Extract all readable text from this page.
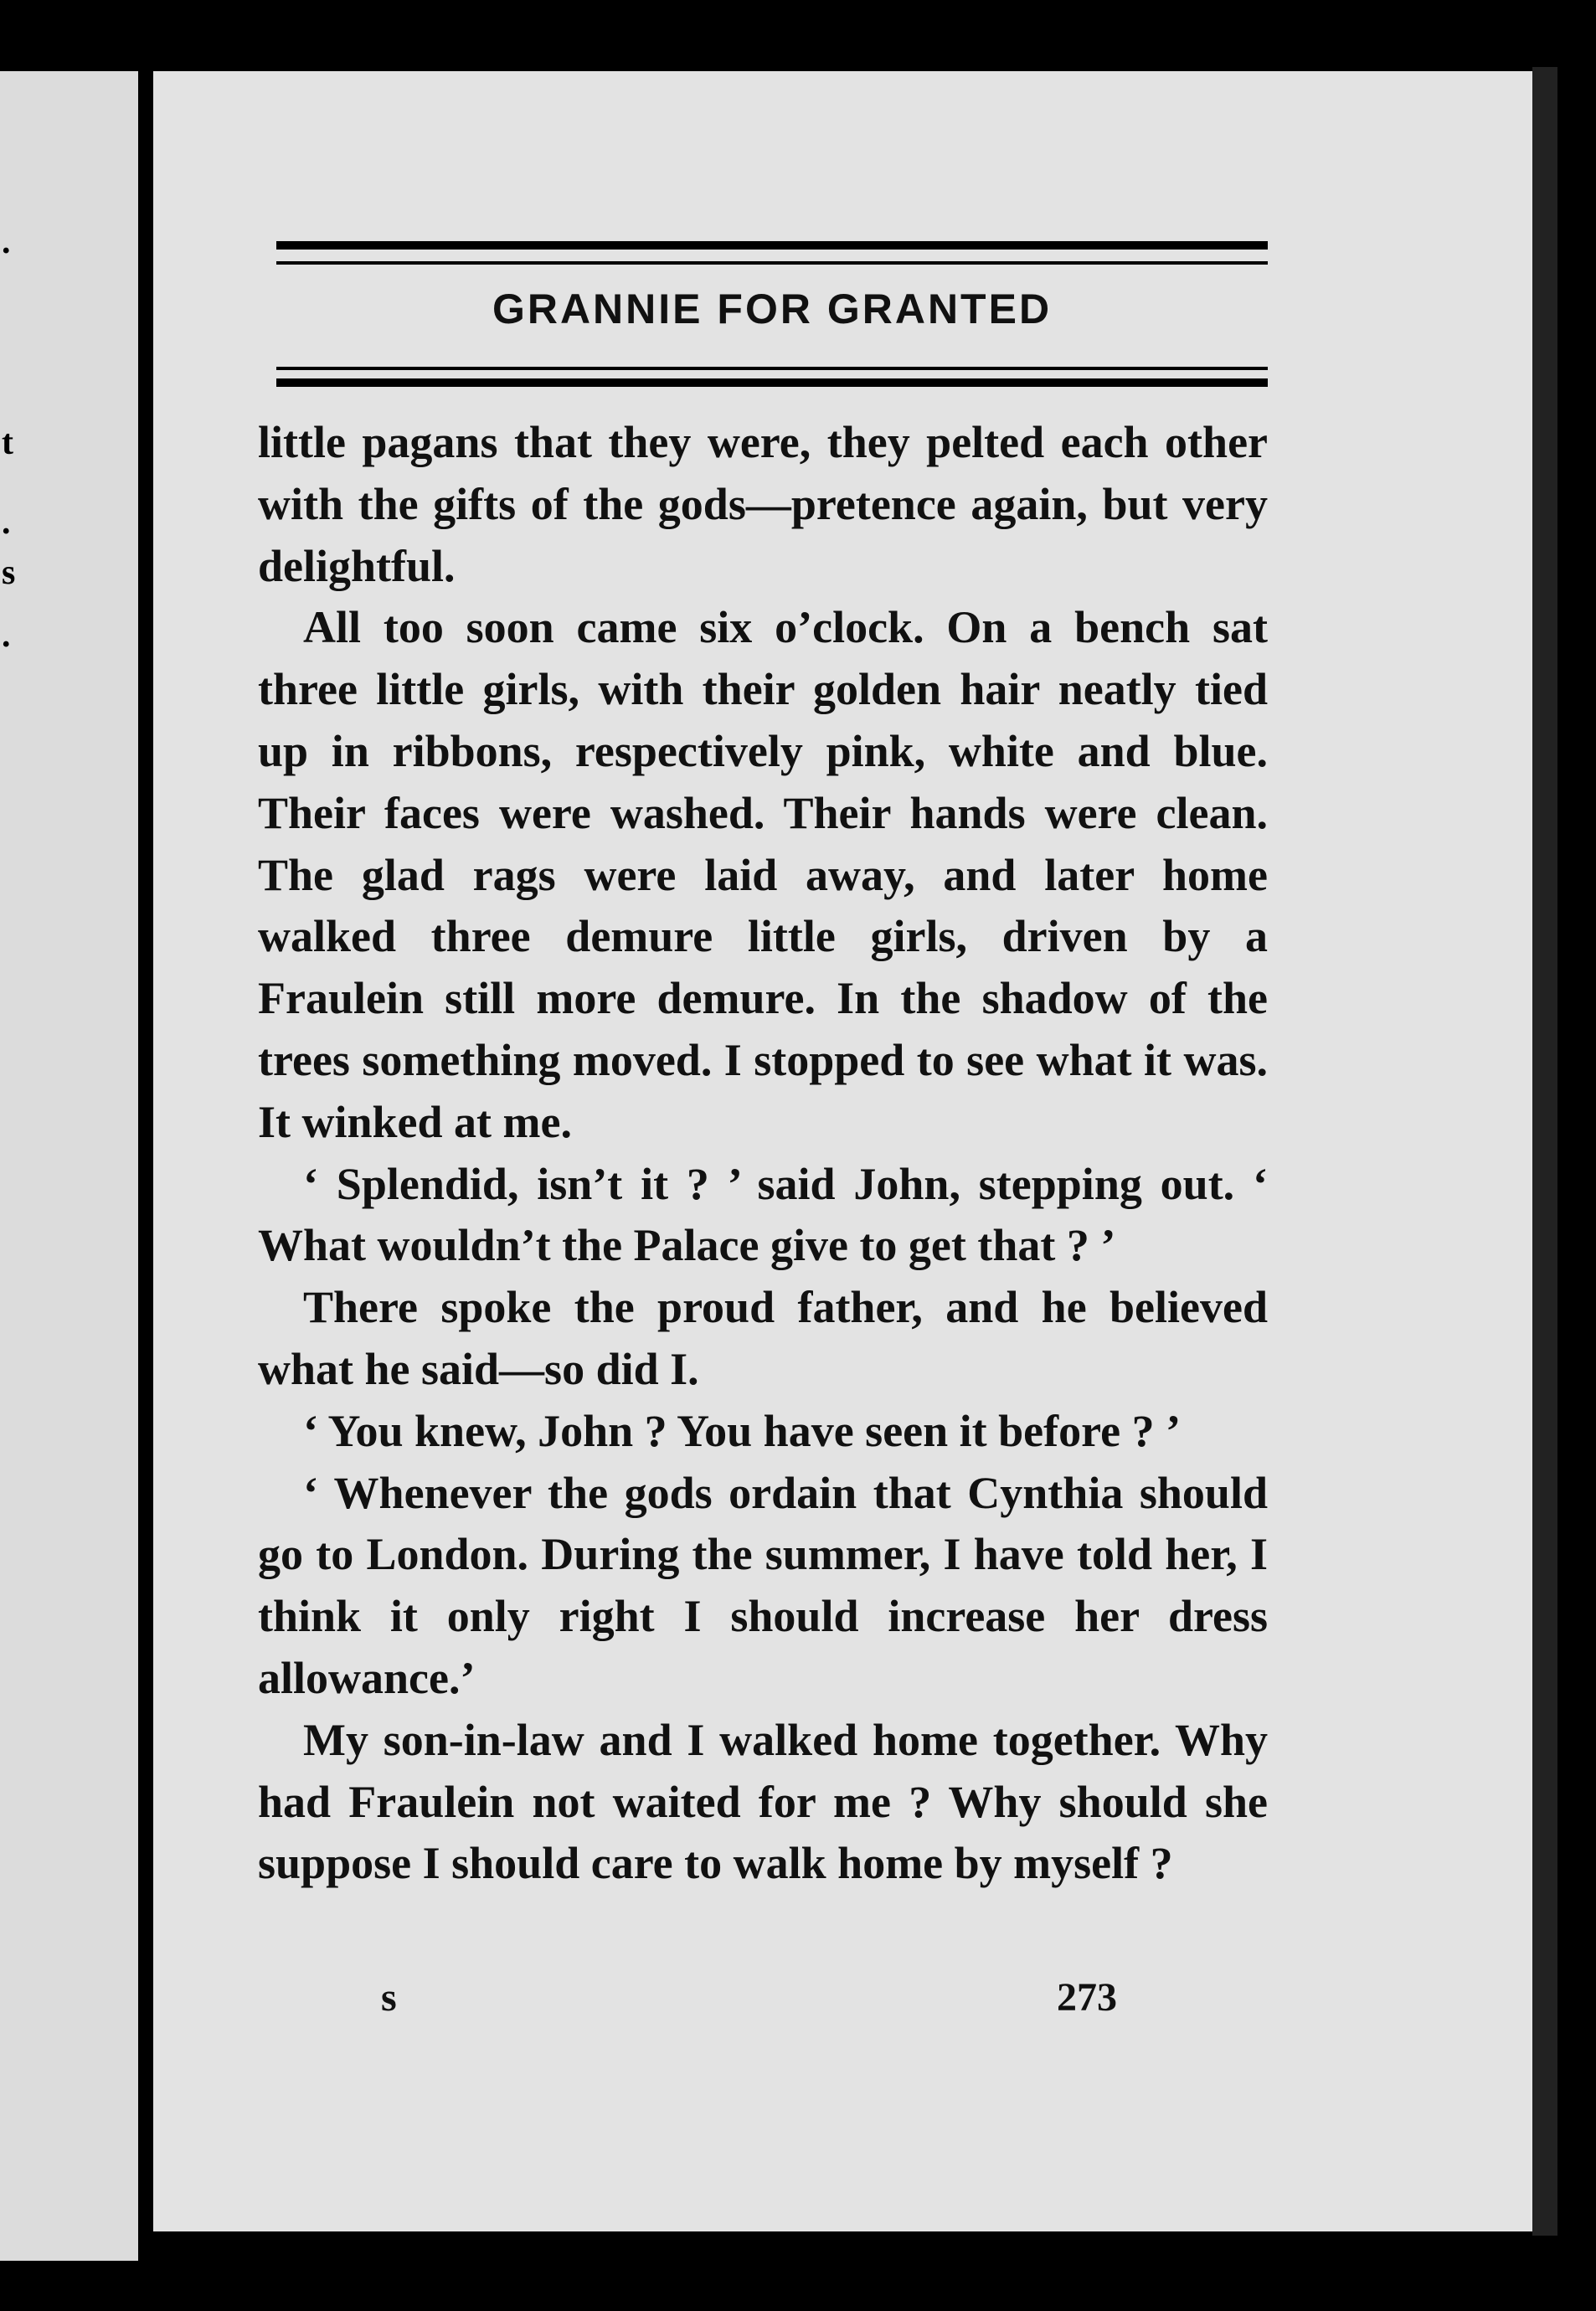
.
t
.
s
.
GRANNIE FOR GRANTED

little pagans that they were, they pelted each other with the gifts of the gods—pretence again, but very delightful.

All too soon came six o’clock. On a bench sat three little girls, with their golden hair neatly tied up in ribbons, respectively pink, white and blue. Their faces were washed. Their hands were clean. The glad rags were laid away, and later home walked three demure little girls, driven by a Fraulein still more demure. In the shadow of the trees something moved. I stopped to see what it was. It winked at me.

‘ Splendid, isn’t it ? ’ said John, stepping out. ‘ What wouldn’t the Palace give to get that ? ’

There spoke the proud father, and he believed what he said—so did I.

‘ You knew, John ? You have seen it before ? ’

‘ Whenever the gods ordain that Cynthia should go to London. During the summer, I have told her, I think it only right I should increase her dress allowance.’

My son-in-law and I walked home together. Why had Fraulein not waited for me ? Why should she suppose I should care to walk home by myself ?

s	273
